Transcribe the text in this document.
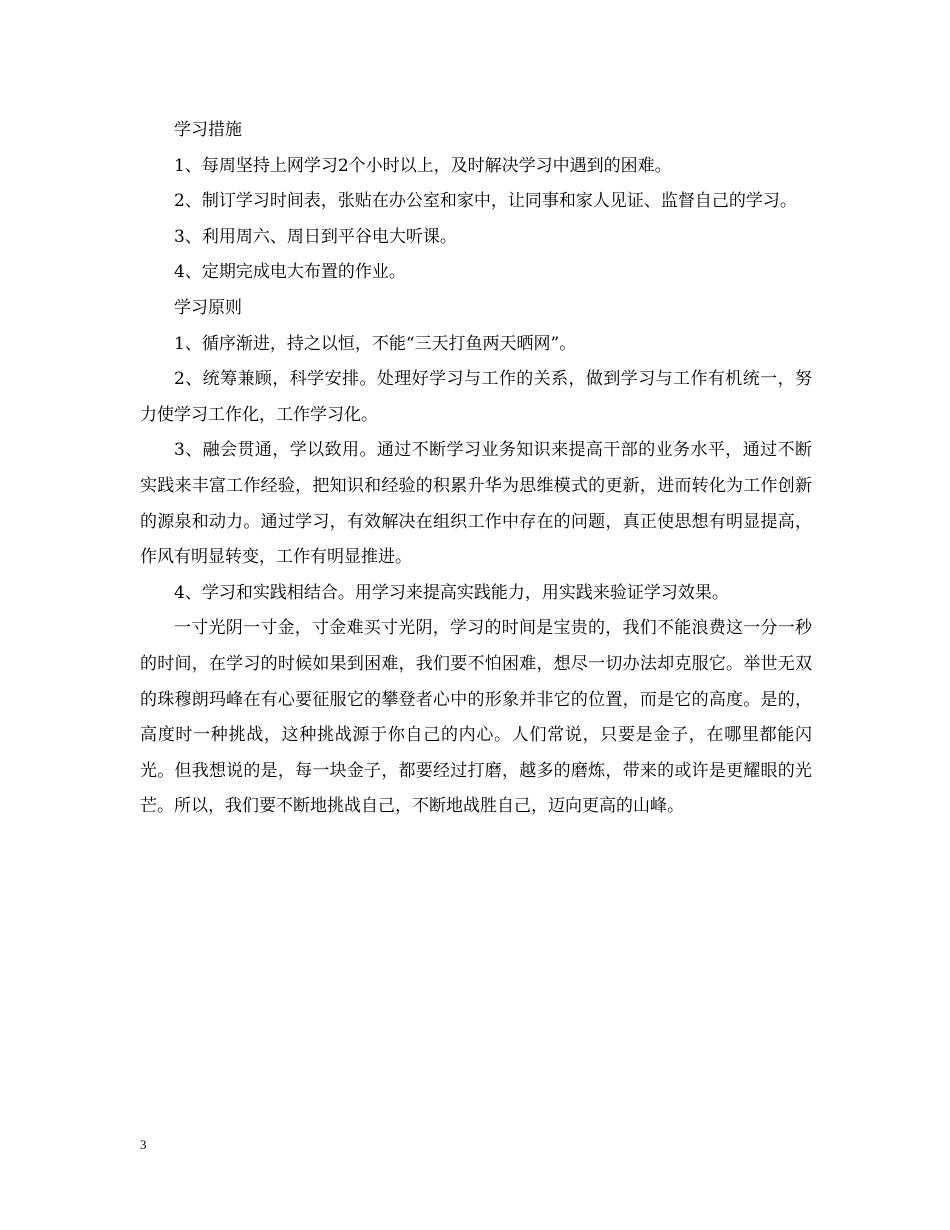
学习措施

1、每周坚持上网学习2个小时以上，及时解决学习中遇到的困难。

2、制订学习时间表，张贴在办公室和家中，让同事和家人见证、监督自己的学习。

3、利用周六、周日到平谷电大听课。

4、定期完成电大布置的作业。

学习原则

1、循序渐进，持之以恒，不能“三天打鱼两天晒网”。

2、统筹兼顾，科学安排。处理好学习与工作的关系，做到学习与工作有机统一，努力使学习工作化，工作学习化。

3、融会贯通，学以致用。通过不断学习业务知识来提高干部的业务水平，通过不断实践来丰富工作经验，把知识和经验的积累升华为思维模式的更新，进而转化为工作创新的源泉和动力。通过学习，有效解决在组织工作中存在的问题，真正使思想有明显提高，作风有明显转变，工作有明显推进。

4、学习和实践相结合。用学习来提高实践能力，用实践来验证学习效果。

一寸光阴一寸金，寸金难买寸光阴，学习的时间是宝贵的，我们不能浪费这一分一秒的时间，在学习的时候如果到困难，我们要不怕困难，想尽一切办法却克服它。举世无双的珠穆朗玛峰在有心要征服它的攀登者心中的形象并非它的位置，而是它的高度。是的，高度时一种挑战，这种挑战源于你自己的内心。人们常说，只要是金子，在哪里都能闪光。但我想说的是，每一块金子，都要经过打磨，越多的磨炼，带来的或许是更耀眼的光芒。所以，我们要不断地挑战自己，不断地战胜自己，迈向更高的山峰。

3
